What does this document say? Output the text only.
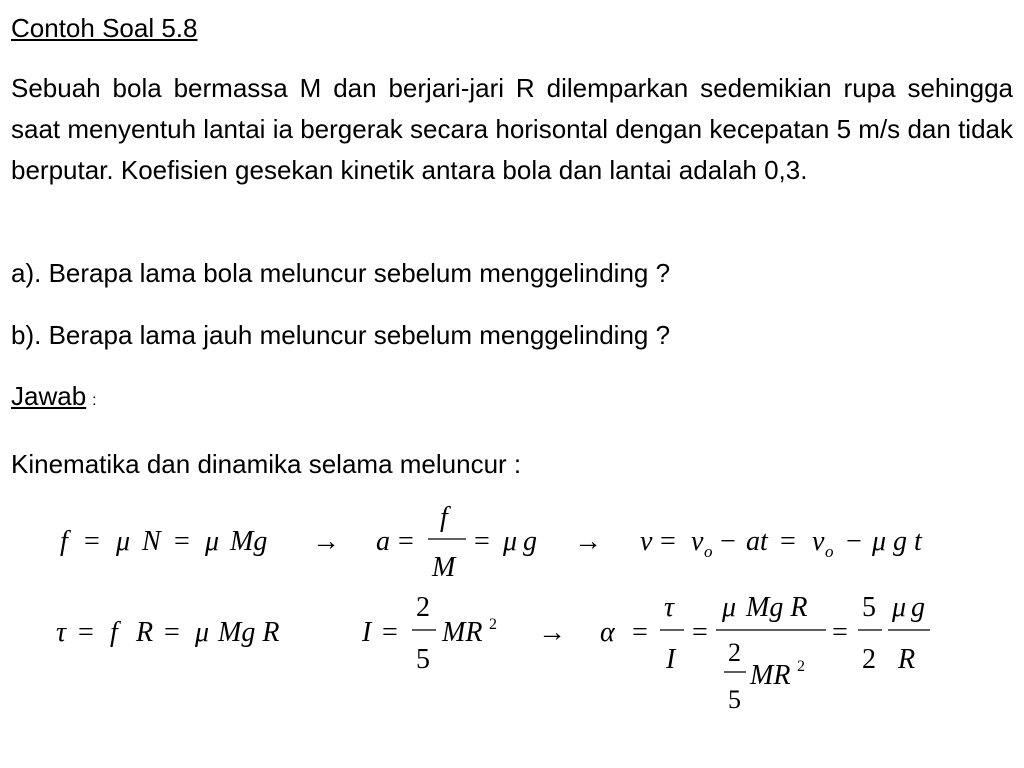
Contoh Soal 5.8
Sebuah bola bermassa M dan berjari-jari R dilemparkan sedemikian rupa sehingga saat menyentuh lantai ia bergerak secara horisontal dengan kecepatan 5 m/s dan tidak berputar. Koefisien gesekan kinetik antara bola dan lantai adalah 0,3.
a). Berapa lama bola meluncur sebelum menggelinding ?
b). Berapa lama jauh meluncur sebelum menggelinding ?
Jawab :
Kinematika dan dinamika selama meluncur :
f = μ N = μ Mg → a =
f
M
= μ g → v = v o − at = v o − μ g t
τ = f R = μ Mg R	I =
2
5
MR 2 → α =
τ
I
=
μ Mg R
2
5
MR 2
=
5
2
μ g
R
